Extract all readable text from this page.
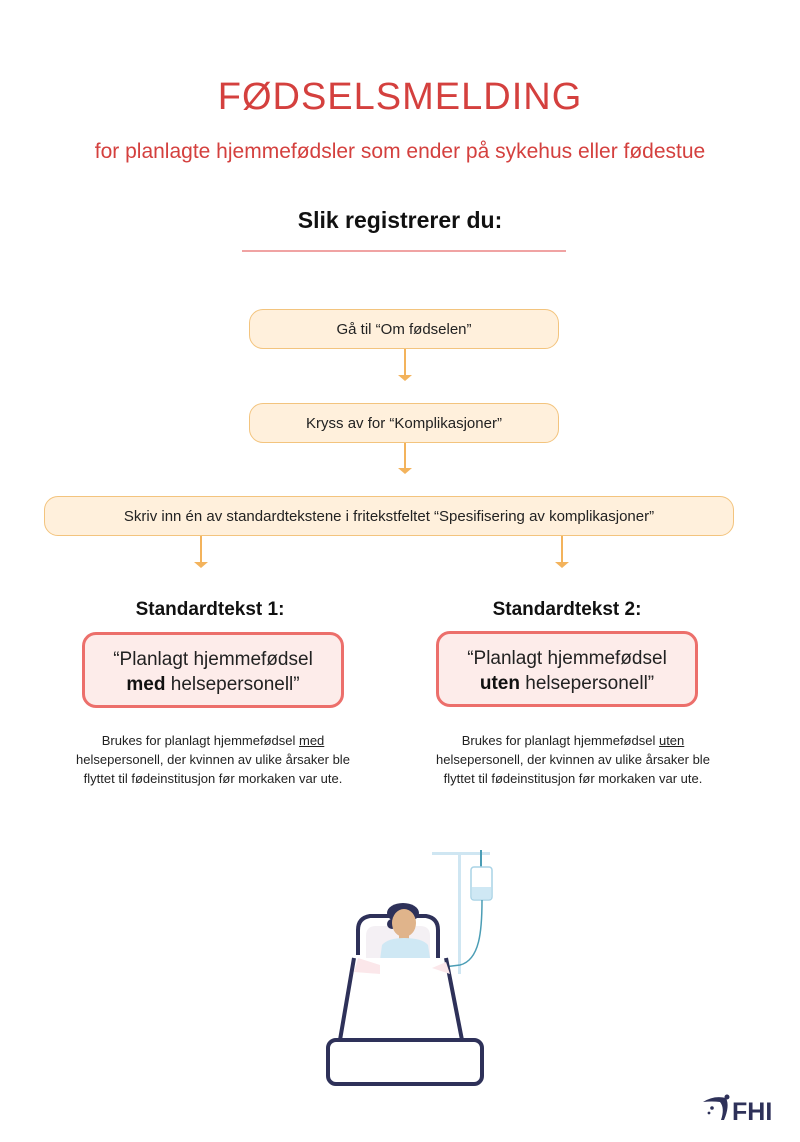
FØDSELSMELDING
for planlagte hjemmefødsler som ender på sykehus eller fødestue
Slik registrerer du:
Gå til “Om fødselen”
Kryss av for “Komplikasjoner”
Skriv inn én av standardtekstene i fritekstfeltet “Spesifisering av komplikasjoner”
Standardtekst 1:
“Planlagt hjemmefødsel
med helsepersonell”
Brukes for planlagt hjemmefødsel med
helsepersonell, der kvinnen av ulike årsaker ble
flyttet til fødeinstitusjon før morkaken var ute.
Standardtekst 2:
“Planlagt hjemmefødsel
uten helsepersonell”
Brukes for planlagt hjemmefødsel uten
helsepersonell, der kvinnen av ulike årsaker ble
flyttet til fødeinstitusjon før morkaken var ute.
FHI
